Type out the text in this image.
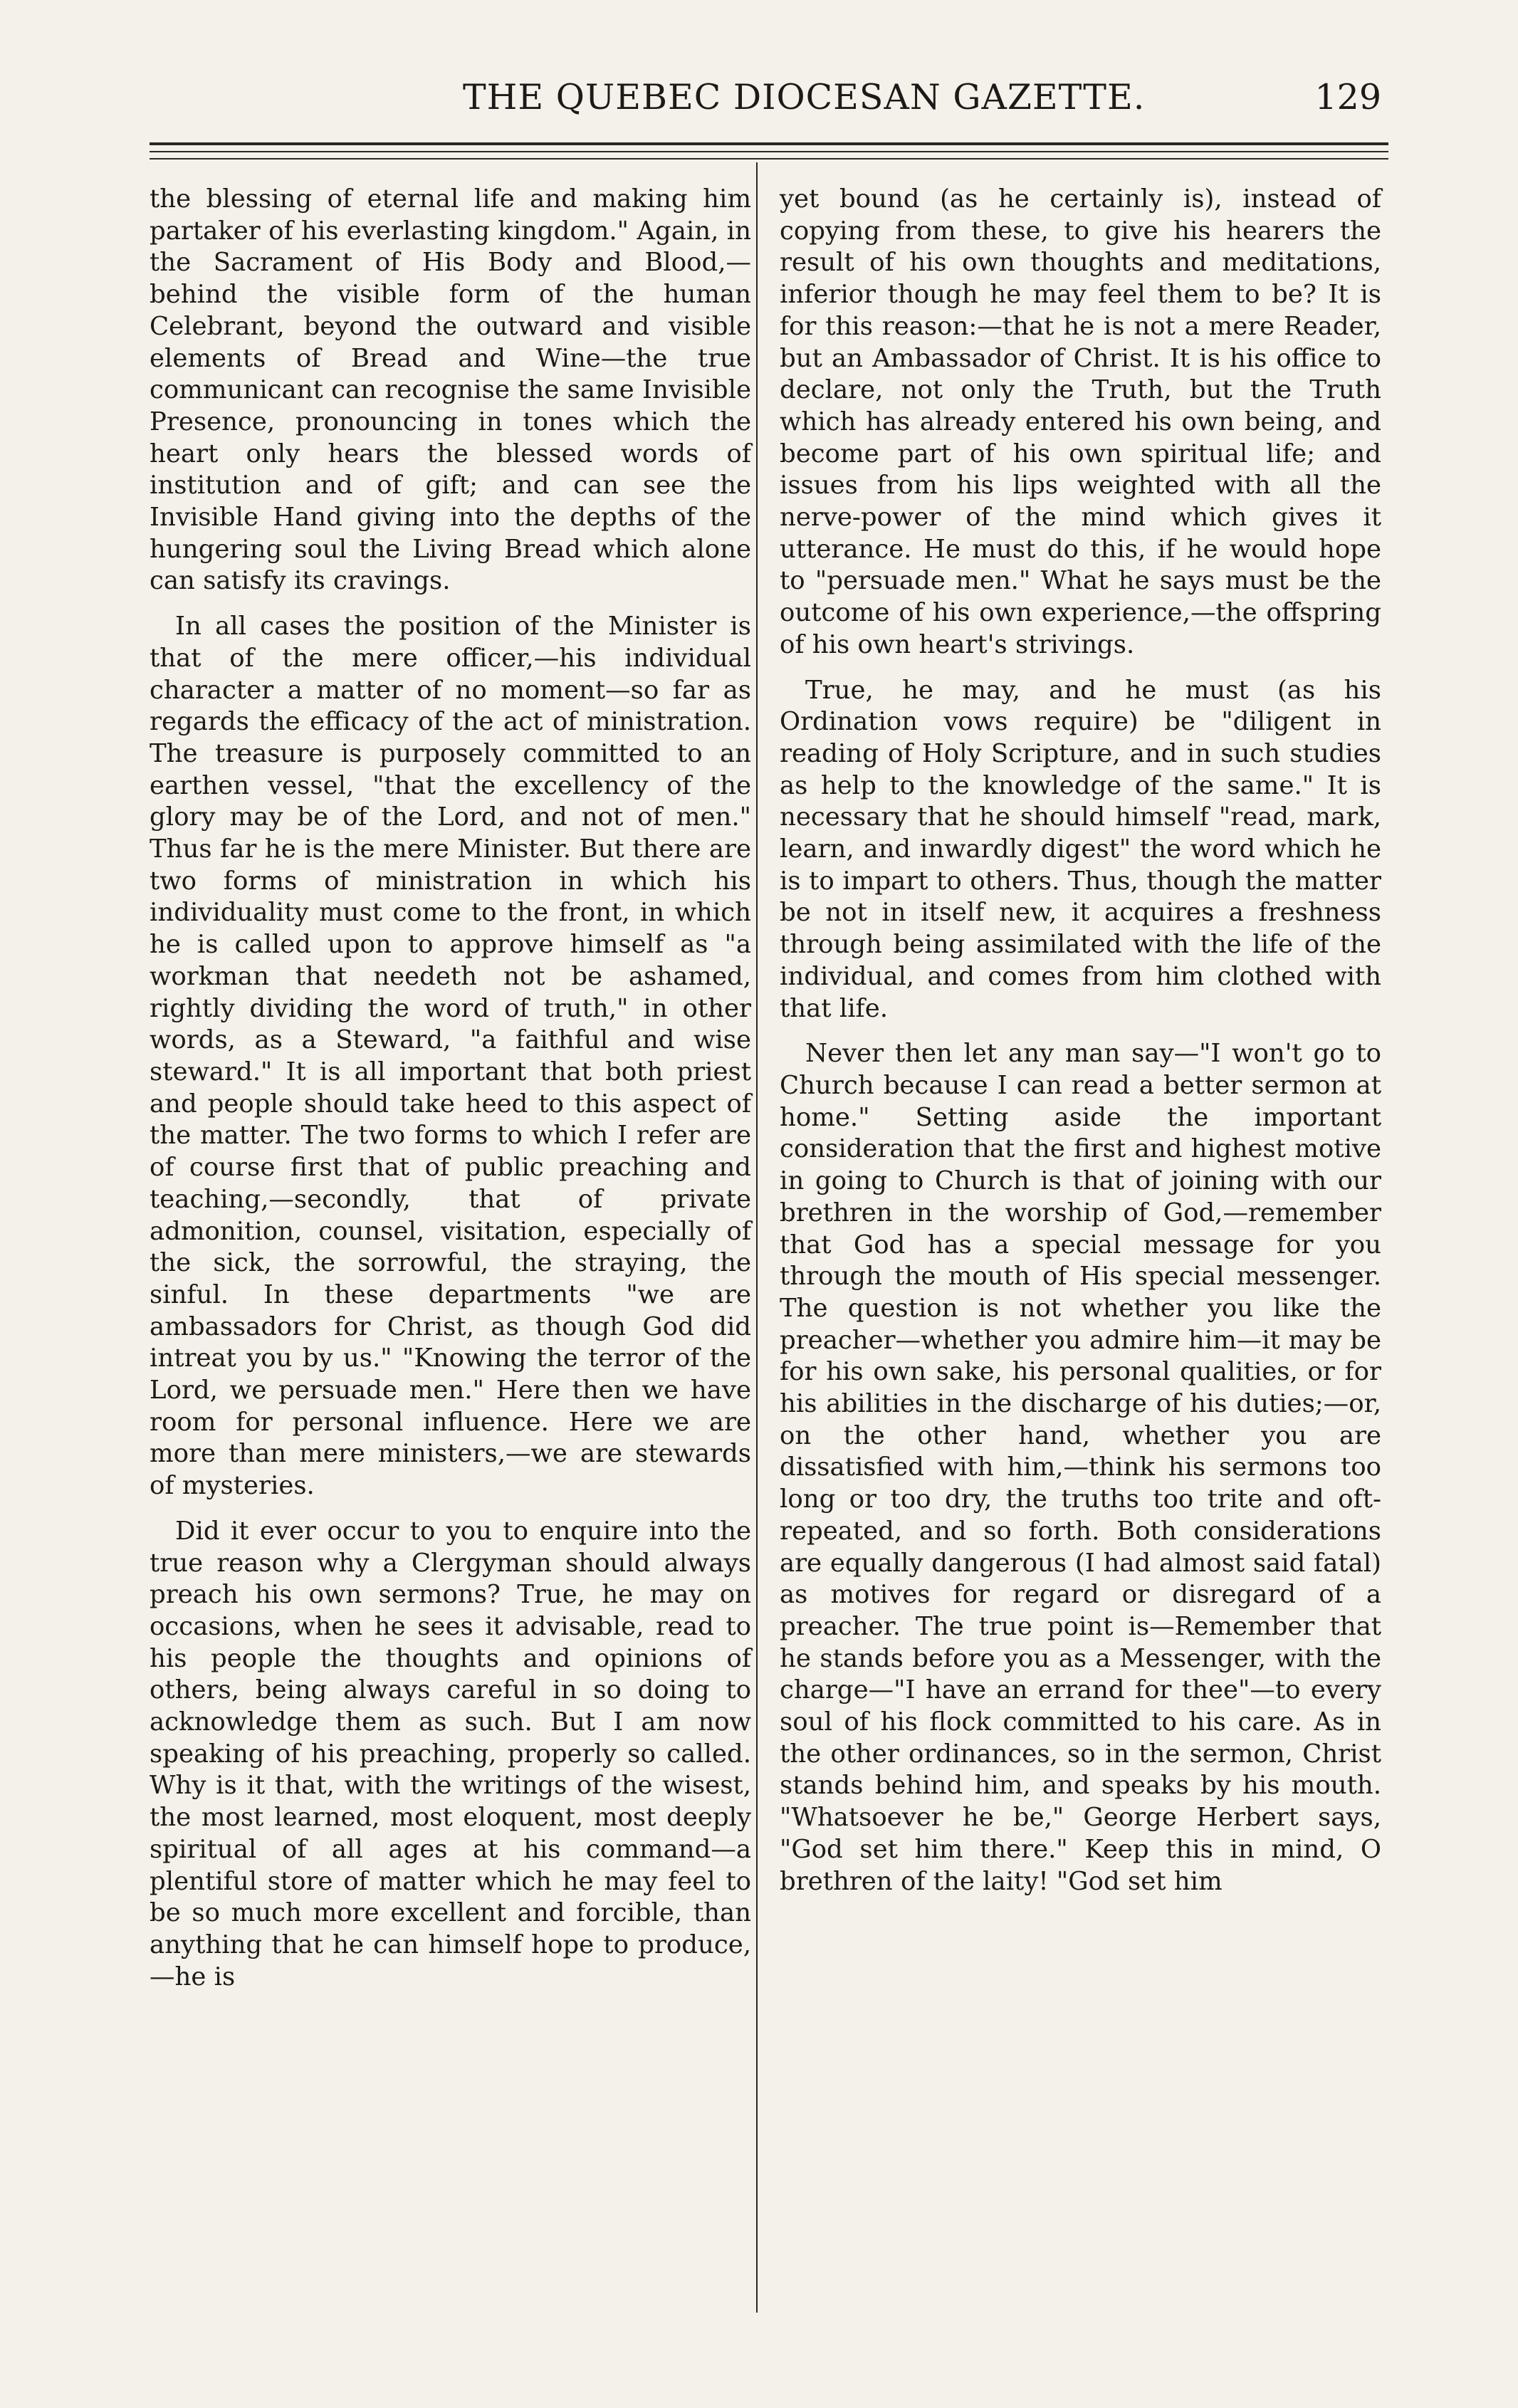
THE QUEBEC DIOCESAN GAZETTE.	129

the blessing of eternal life and making him partaker of his everlasting kingdom." Again, in the Sacrament of His Body and Blood,—behind the visible form of the human Celebrant, beyond the outward and visible elements of Bread and Wine—the true communicant can recognise the same Invisible Presence, pronouncing in tones which the heart only hears the blessed words of institution and of gift; and can see the Invisible Hand giving into the depths of the hungering soul the Living Bread which alone can satisfy its cravings.

In all cases the position of the Minister is that of the mere officer,—his individual character a matter of no moment—so far as regards the efficacy of the act of ministration. The treasure is purposely committed to an earthen vessel, "that the excellency of the glory may be of the Lord, and not of men." Thus far he is the mere Minister. But there are two forms of ministration in which his individuality must come to the front, in which he is called upon to approve himself as "a workman that needeth not be ashamed, rightly dividing the word of truth," in other words, as a Steward, "a faithful and wise steward." It is all important that both priest and people should take heed to this aspect of the matter. The two forms to which I refer are of course first that of public preaching and teaching,—secondly, that of private admonition, counsel, visitation, especially of the sick, the sorrowful, the straying, the sinful. In these departments "we are ambassadors for Christ, as though God did intreat you by us." "Knowing the terror of the Lord, we persuade men." Here then we have room for personal influence. Here we are more than mere ministers,—we are stewards of mysteries.

Did it ever occur to you to enquire into the true reason why a Clergyman should always preach his own sermons? True, he may on occasions, when he sees it advisable, read to his people the thoughts and opinions of others, being always careful in so doing to acknowledge them as such. But I am now speaking of his preaching, properly so called. Why is it that, with the writings of the wisest, the most learned, most eloquent, most deeply spiritual of all ages at his command—a plentiful store of matter which he may feel to be so much more excellent and forcible, than anything that he can himself hope to produce,—he is

yet bound (as he certainly is), instead of copying from these, to give his hearers the result of his own thoughts and meditations, inferior though he may feel them to be? It is for this reason:—that he is not a mere Reader, but an Ambassador of Christ. It is his office to declare, not only the Truth, but the Truth which has already entered his own being, and become part of his own spiritual life; and issues from his lips weighted with all the nerve-power of the mind which gives it utterance. He must do this, if he would hope to "persuade men." What he says must be the outcome of his own experience,—the offspring of his own heart's strivings.

True, he may, and he must (as his Ordination vows require) be "diligent in reading of Holy Scripture, and in such studies as help to the knowledge of the same." It is necessary that he should himself "read, mark, learn, and inwardly digest" the word which he is to impart to others. Thus, though the matter be not in itself new, it acquires a freshness through being assimilated with the life of the individual, and comes from him clothed with that life.

Never then let any man say—"I won't go to Church because I can read a better sermon at home." Setting aside the important consideration that the first and highest motive in going to Church is that of joining with our brethren in the worship of God,—remember that God has a special message for you through the mouth of His special messenger. The question is not whether you like the preacher—whether you admire him—it may be for his own sake, his personal qualities, or for his abilities in the discharge of his duties;—or, on the other hand, whether you are dissatisfied with him,—think his sermons too long or too dry, the truths too trite and oft-repeated, and so forth. Both considerations are equally dangerous (I had almost said fatal) as motives for regard or disregard of a preacher. The true point is—Remember that he stands before you as a Messenger, with the charge—"I have an errand for thee"—to every soul of his flock committed to his care. As in the other ordinances, so in the sermon, Christ stands behind him, and speaks by his mouth. "Whatsoever he be," George Herbert says, "God set him there." Keep this in mind, O brethren of the laity! "God set him
